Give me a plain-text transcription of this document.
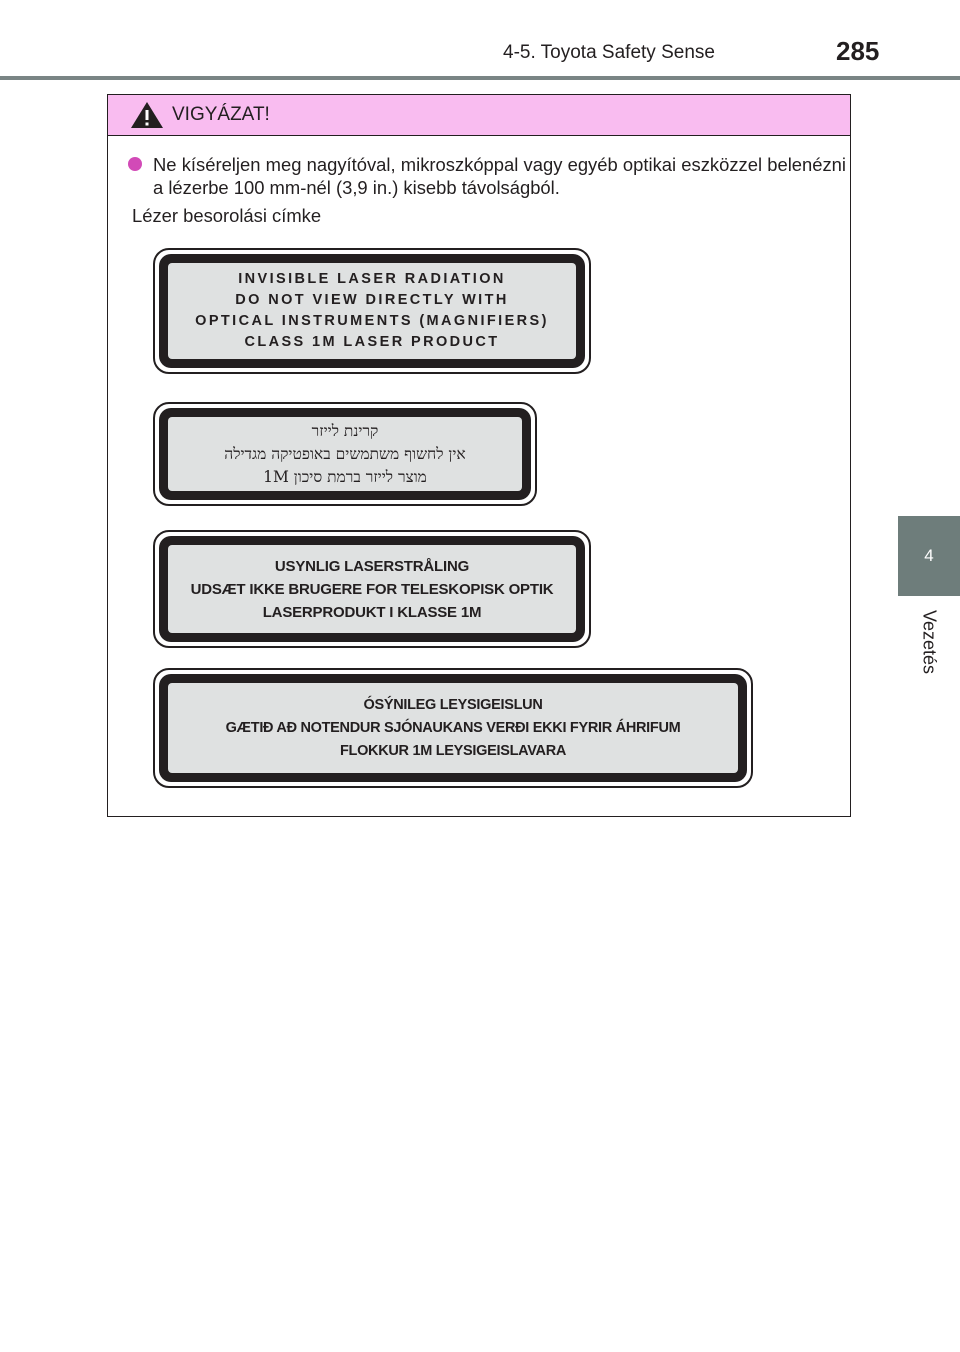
4-5. Toyota Safety Sense	285
4
Vezetés
VIGYÁZAT!
Ne kíséreljen meg nagyítóval, mikroszkóppal vagy egyéb optikai eszközzel belenézni a lézerbe 100 mm-nél (3,9 in.) kisebb távolságból.
Lézer besorolási címke
INVISIBLE LASER RADIATION
DO NOT VIEW DIRECTLY WITH
OPTICAL INSTRUMENTS (MAGNIFIERS)
CLASS 1M LASER PRODUCT
קרינת לייזר
אין לחשוף משתמשים באופטיקה מגדילה
מוצר לייזר ברמת סיכון 1M
USYNLIG LASERSTRÅLING
UDSÆT IKKE BRUGERE FOR TELESKOPISK OPTIK
LASERPRODUKT I KLASSE 1M
ÓSÝNILEG LEYSIGEISLUN
GÆTIÐ AÐ NOTENDUR SJÓNAUKANS VERÐI EKKI FYRIR ÁHRIFUM
FLOKKUR 1M LEYSIGEISLAVARA
